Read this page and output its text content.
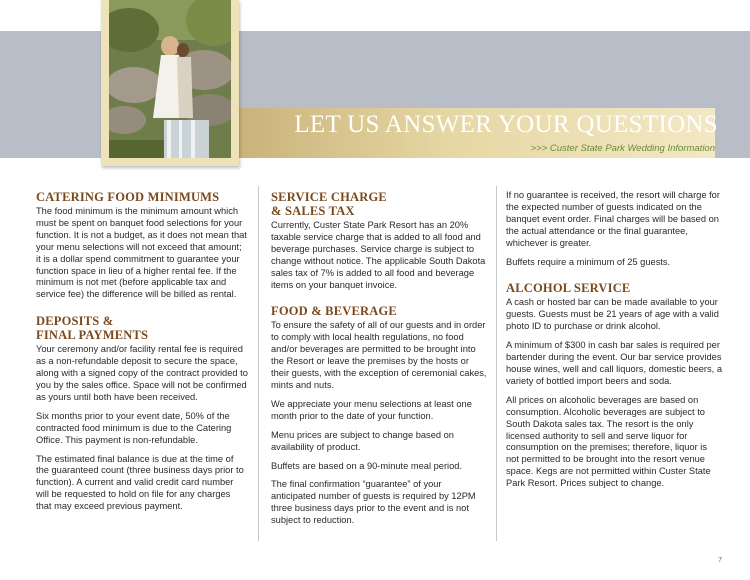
LET US ANSWER YOUR QUESTIONS
>>> Custer State Park Wedding Information
CATERING FOOD MINIMUMS

The food minimum is the minimum amount which must be spent on banquet food selections for your function. It is not a budget, as it does not mean that your menu selections will not exceed that amount; it is a dollar spend commitment to guarantee your function space in lieu of a higher rental fee. If the minimum is not met (before applicable tax and service fee) the difference will be billed as rental.

DEPOSITS &
FINAL PAYMENTS

Your ceremony and/or facility rental fee is required as a non-refundable deposit to secure the space, along with a signed copy of the contract provided to you by the sales office. Space will not be confirmed as yours until both have been received.

Six months prior to your event date, 50% of the contracted food minimum is due to the Catering Office. This payment is non-refundable.

The estimated final balance is due at the time of the guaranteed count (three business days prior to function). A current and valid credit card number will be requested to hold on file for any charges that may exceed previous payment.

SERVICE CHARGE
& SALES TAX

Currently, Custer State Park Resort has an 20% taxable service charge that is added to all food and beverage purchases. Service charge is subject to change without notice. The applicable South Dakota sales tax of 7% is added to all food and beverage items on your banquet invoice.

FOOD & BEVERAGE

To ensure the safety of all of our guests and in order to comply with local health regulations, no food and/or beverages are permitted to be brought into the Resort or leave the premises by the hosts or their guests, with the exception of ceremonial cakes, mints and nuts.

We appreciate your menu selections at least one month prior to the date of your function.

Menu prices are subject to change based on availability of product.

Buffets are based on a 90-minute meal period.

The final confirmation “guarantee” of your anticipated number of guests is required by 12PM three business days prior to the event and is not subject to reduction.

If no guarantee is received, the resort will charge for the expected number of guests indicated on the banquet event order. Final charges will be based on the actual attendance or the final guarantee, whichever is greater.

Buffets require a minimum of 25 guests.

ALCOHOL SERVICE

A cash or hosted bar can be made available to your guests. Guests must be 21 years of age with a valid photo ID to purchase or drink alcohol.

A minimum of $300 in cash bar sales is required per bartender during the event. Our bar service provides house wines, well and call liquors, domestic beers, a variety of bottled import beers and soda.

All prices on alcoholic beverages are based on consumption. Alcoholic beverages are subject to South Dakota sales tax. The resort is the only licensed authority to sell and serve liquor for consumption on the premises; therefore, liquor is not permitted to be brought into the resort venue space. Kegs are not permitted within Custer State Park Resort. Prices subject to change.

7
